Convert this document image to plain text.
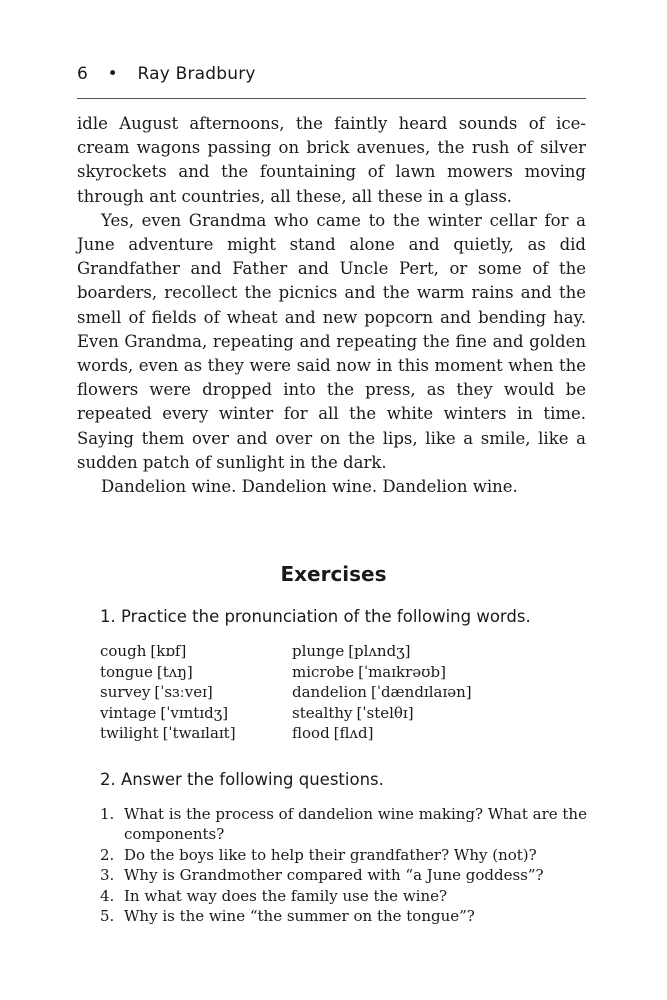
6 • Ray Bradbury

idle August afternoons, the faintly heard sounds of ice-cream wagons passing on brick avenues, the rush of silver skyrockets and the fountaining of lawn mowers moving through ant countries, all these, all these in a glass.

Yes, even Grandma who came to the winter cellar for a June adventure might stand alone and quietly, as did Grandfather and Father and Uncle Pert, or some of the boarders, recollect the picnics and the warm rains and the smell of fields of wheat and new popcorn and bending hay. Even Grandma, repeating and repeating the fine and golden words, even as they were said now in this moment when the flowers were dropped into the press, as they would be repeated every winter for all the white winters in time. Saying them over and over on the lips, like a smile, like a sudden patch of sunlight in the dark.

Dandelion wine. Dandelion wine. Dandelion wine.

Exercises
1. Practice the pronunciation of the following words.
cough [kɒf]
tongue [tʌŋ]
survey [ˈsɜːveɪ]
vintage [ˈvɪntɪdʒ]
twilight [ˈtwaɪlaɪt]
plunge [plʌndʒ]
microbe [ˈmaɪkrəʊb]
dandelion [ˈdændɪlaɪən]
stealthy [ˈstelθɪ]
flood [flʌd]
2. Answer the following questions.
1. What is the process of dandelion wine making? What are the components?
2. Do the boys like to help their grandfather? Why (not)?
3. Why is Grandmother compared with “a June goddess”?
4. In what way does the family use the wine?
5. Why is the wine “the summer on the tongue”?
